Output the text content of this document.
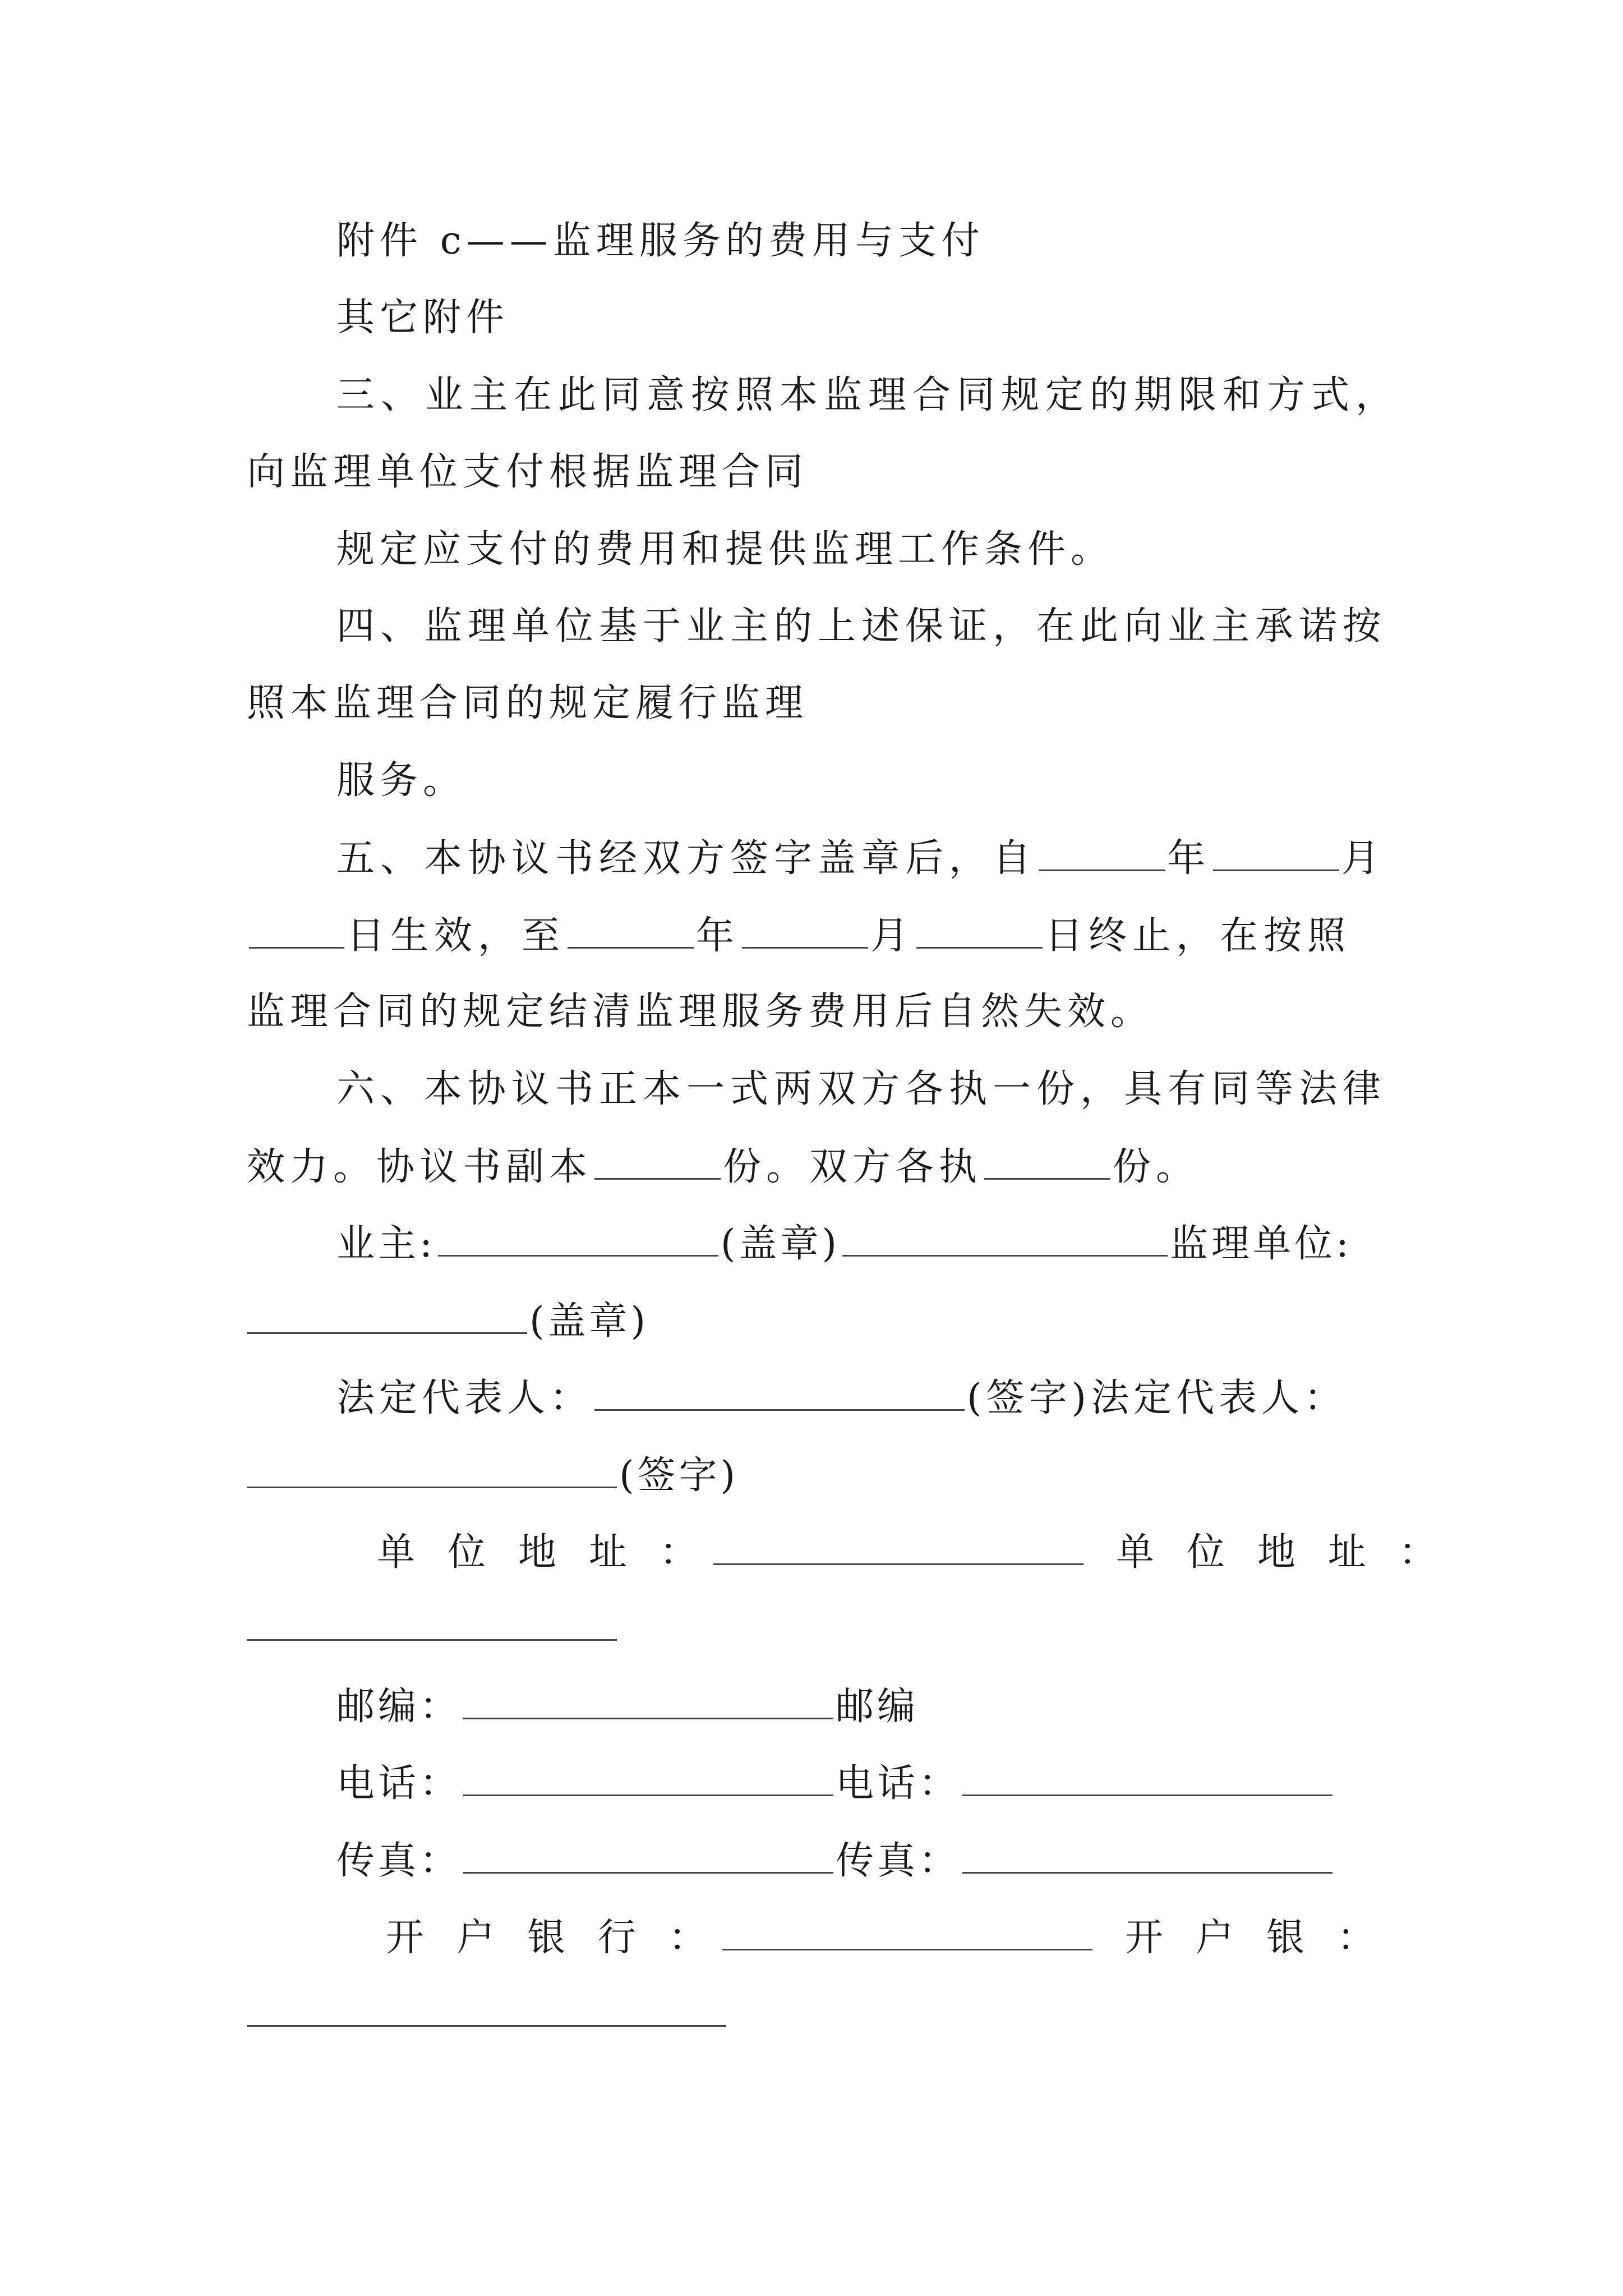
附件 c——监理服务的费用与支付
其它附件
三、业主在此同意按照本监理合同规定的期限和方式，
向监理单位支付根据监理合同
规定应支付的费用和提供监理工作条件。
四、监理单位基于业主的上述保证，在此向业主承诺按
照本监理合同的规定履行监理
服务。
五、本协议书经双方签字盖章后，自	年	月
日生效，至	年	月	日终止，在按照
监理合同的规定结清监理服务费用后自然失效。
六、本协议书正本一式两双方各执一份，具有同等法律
效力。协议书副本	份。双方各执	份。
业主:	(盖章)	监理单位:
(盖章)
法定代表人：	(签字)法定代表人：
(签字)
单位地址：	单位地址：
邮编：	邮编
电话：	电话：
传真：	传真：
开户银行：	开户银：
